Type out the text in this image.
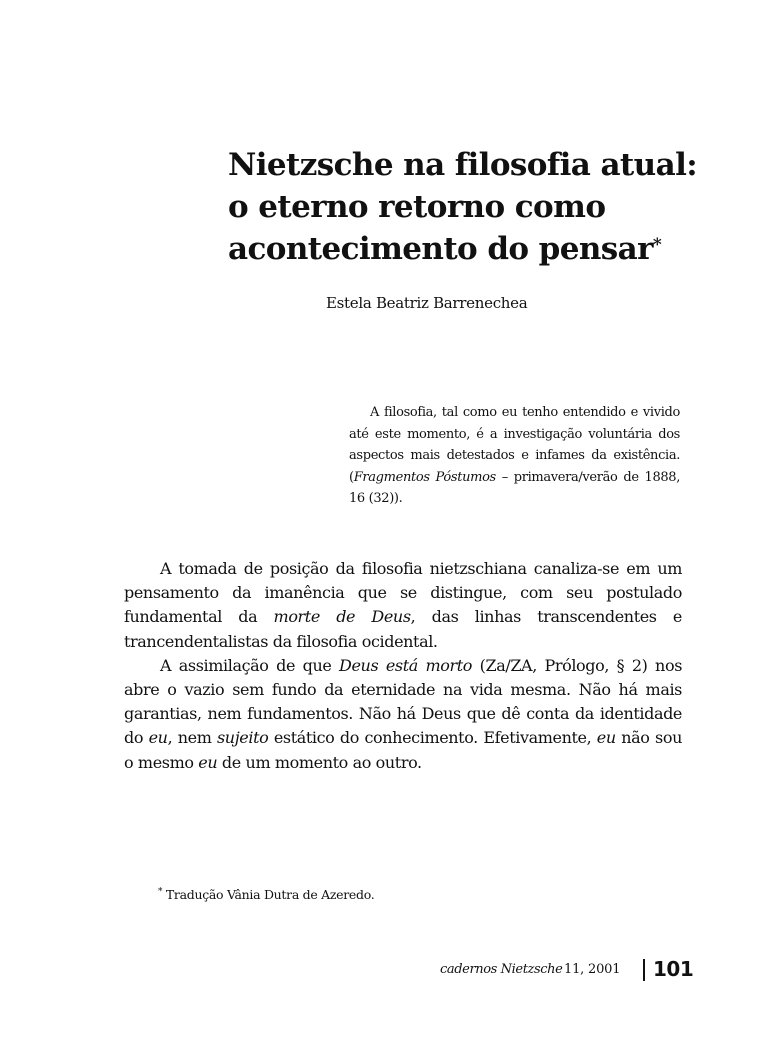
Nietzsche na filosofia atual:
o eterno retorno como
acontecimento do pensar*

Estela Beatriz Barrenechea

A filosofia, tal como eu tenho entendido e vivido até este momento, é a investigação voluntária dos aspectos mais detestados e infames da existência. (Fragmentos Póstumos – primavera/verão de 1888, 16 (32)).

A tomada de posição da filosofia nietzschiana canaliza-se em um pensamento da imanência que se distingue, com seu postulado fundamental da morte de Deus, das linhas transcendentes e trancendentalistas da filosofia ocidental.

A assimilação de que Deus está morto (Za/ZA, Prólogo, § 2) nos abre o vazio sem fundo da eternidade na vida mesma. Não há mais garantias, nem fundamentos. Não há Deus que dê conta da identidade do eu, nem sujeito estático do conhecimento. Efetivamente, eu não sou o mesmo eu de um momento ao outro.

* Tradução Vânia Dutra de Azeredo.

cadernos Nietzsche 11, 2001 101
